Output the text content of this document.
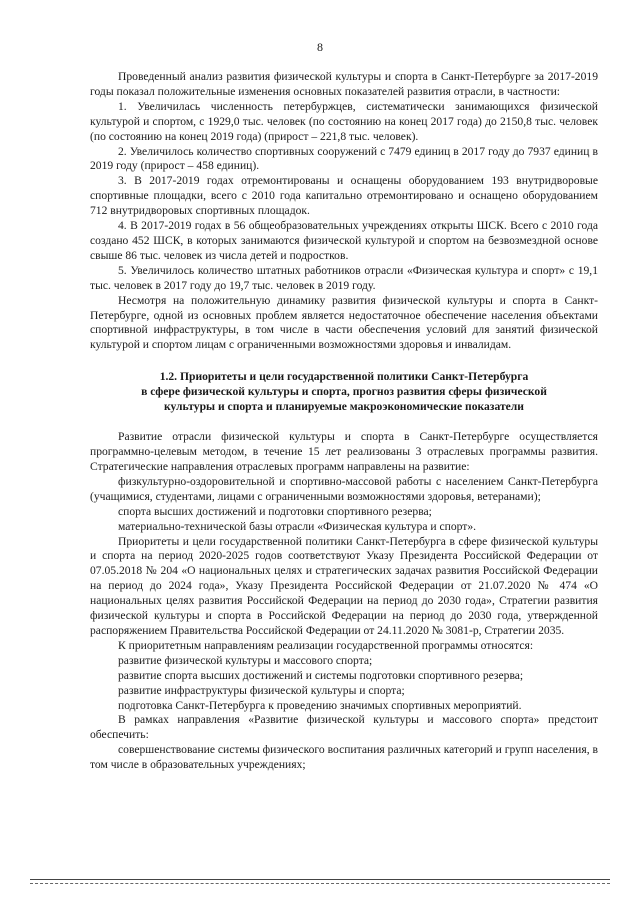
8

Проведенный анализ развития физической культуры и спорта в Санкт-Петербурге за 2017-2019 годы показал положительные изменения основных показателей развития отрасли, в частности:

1. Увеличилась численность петербуржцев, систематически занимающихся физической культурой и спортом, с 1929,0 тыс. человек (по состоянию на конец 2017 года) до 2150,8 тыс. человек (по состоянию на конец 2019 года) (прирост – 221,8 тыс. человек).

2. Увеличилось количество спортивных сооружений с 7479 единиц в 2017 году до 7937 единиц в 2019 году (прирост – 458 единиц).

3. В 2017-2019 годах отремонтированы и оснащены оборудованием 193 внутридворовые спортивные площадки, всего с 2010 года капитально отремонтировано и оснащено оборудованием 712 внутридворовых спортивных площадок.

4. В 2017-2019 годах в 56 общеобразовательных учреждениях открыты ШСК. Всего с 2010 года создано 452 ШСК, в которых занимаются физической культурой и спортом на безвозмездной основе свыше 86 тыс. человек из числа детей и подростков.

5. Увеличилось количество штатных работников отрасли «Физическая культура и спорт» с 19,1 тыс. человек в 2017 году до 19,7 тыс. человек в 2019 году.

Несмотря на положительную динамику развития физической культуры и спорта в Санкт-Петербурге, одной из основных проблем является недостаточное обеспечение населения объектами спортивной инфраструктуры, в том числе в части обеспечения условий для занятий физической культурой и спортом лицам с ограниченными возможностями здоровья и инвалидам.

1.2. Приоритеты и цели государственной политики Санкт-Петербурга
в сфере физической культуры и спорта, прогноз развития сферы физической
культуры и спорта и планируемые макроэкономические показатели

Развитие отрасли физической культуры и спорта в Санкт-Петербурге осуществляется программно-целевым методом, в течение 15 лет реализованы 3 отраслевых программы развития. Стратегические направления отраслевых программ направлены на развитие:

физкультурно-оздоровительной и спортивно-массовой работы с населением Санкт-Петербурга (учащимися, студентами, лицами с ограниченными возможностями здоровья, ветеранами);

спорта высших достижений и подготовки спортивного резерва;

материально-технической базы отрасли «Физическая культура и спорт».

Приоритеты и цели государственной политики Санкт-Петербурга в сфере физической культуры и спорта на период 2020-2025 годов соответствуют Указу Президента Российской Федерации от 07.05.2018 № 204 «О национальных целях и стратегических задачах развития Российской Федерации на период до 2024 года», Указу Президента Российской Федерации от 21.07.2020 № 474 «О национальных целях развития Российской Федерации на период до 2030 года», Стратегии развития физической культуры и спорта в Российской Федерации на период до 2030 года, утвержденной распоряжением Правительства Российской Федерации от 24.11.2020 № 3081-р, Стратегии 2035.

К приоритетным направлениям реализации государственной программы относятся:

развитие физической культуры и массового спорта;

развитие спорта высших достижений и системы подготовки спортивного резерва;

развитие инфраструктуры физической культуры и спорта;

подготовка Санкт-Петербурга к проведению значимых спортивных мероприятий.

В рамках направления «Развитие физической культуры и массового спорта» предстоит обеспечить:

совершенствование системы физического воспитания различных категорий и групп населения, в том числе в образовательных учреждениях;
